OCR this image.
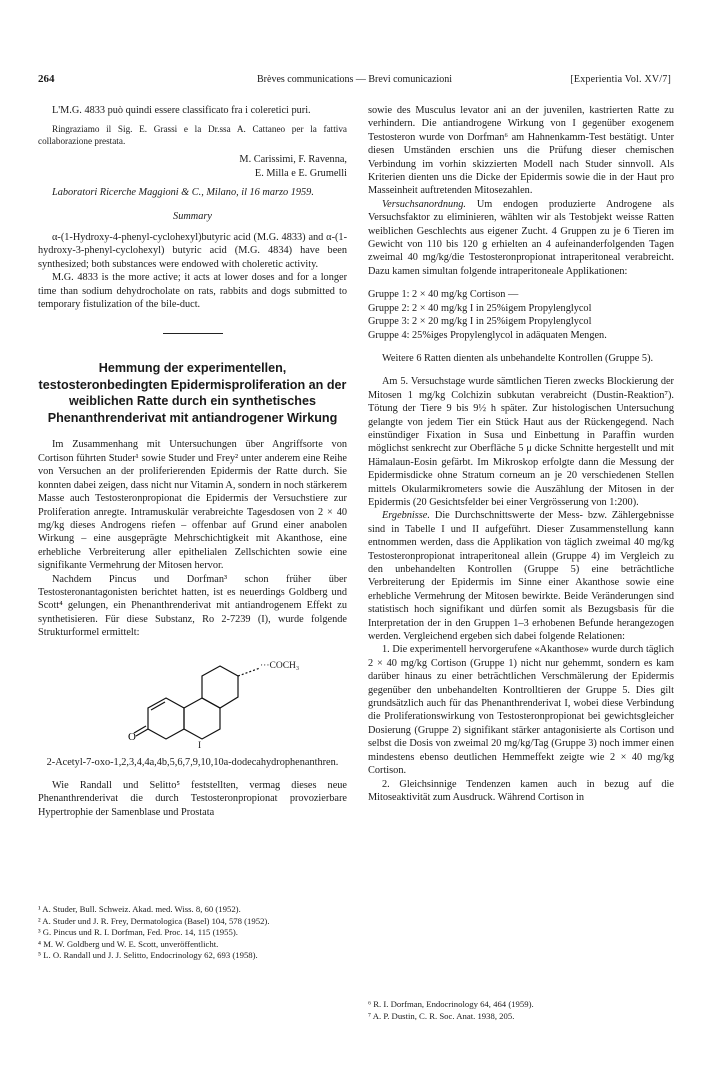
264	Brèves communications — Brevi comunicazioni	[Experientia Vol. XV/7]

L'M.G. 4833 può quindi essere classificato fra i coleretici puri.

Ringraziamo il Sig. E. Grassi e la Dr.ssa A. Cattaneo per la fattiva collaborazione prestata.

M. Carissimi, F. Ravenna,

E. Milla e E. Grumelli

Laboratori Ricerche Maggioni & C., Milano, il 16 marzo 1959.

Summary

α-(1-Hydroxy-4-phenyl-cyclohexyl)butyric acid (M.G. 4833) and α-(1-hydroxy-3-phenyl-cyclohexyl) butyric acid (M.G. 4834) have been synthesized; both substances were endowed with choleretic activity.

M.G. 4833 is the more active; it acts at lower doses and for a longer time than sodium dehydrocholate on rats, rabbits and dogs submitted to temporary fistulization of the bile-duct.

Hemmung der experimentellen, testosteronbedingten Epidermisproliferation an der weiblichen Ratte durch ein synthetisches Phenanthrenderivat mit antiandrogener Wirkung

Im Zusammenhang mit Untersuchungen über Angriffsorte von Cortison führten Studer¹ sowie Studer und Frey² unter anderem eine Reihe von Versuchen an der proliferierenden Epidermis der Ratte durch. Sie konnten dabei zeigen, dass nicht nur Vitamin A, sondern in noch stärkerem Masse auch Testosteronpropionat die Epidermis der Versuchstiere zur Proliferation anregte. Intramuskulär verabreichte Tagesdosen von 2 × 40 mg/kg dieses Androgens riefen – offenbar auf Grund einer anabolen Wirkung – eine ausgeprägte Mehrschichtigkeit mit Akanthose, eine erhebliche Verbreiterung aller epithelialen Zellschichten sowie eine signifikante Vermehrung der Mitosen hervor.

Nachdem Pincus und Dorfman³ schon früher über Testosteronantagonisten berichtet hatten, ist es neuerdings Goldberg und Scott⁴ gelungen, ein Phenanthrenderivat mit antiandrogenem Effekt zu synthetisieren. Für diese Substanz, Ro 2-7239 (I), wurde folgende Strukturformel ermittelt:

O
···COCH₃
I

2-Acetyl-7-oxo-1,2,3,4,4a,4b,5,6,7,9,10,10a-dodecahydrophenanthren.

Wie Randall und Selitto⁵ feststellten, vermag dieses neue Phenanthrenderivat die durch Testosteronpropionat provozierbare Hypertrophie der Samenblase und Prostata

¹ A. Studer, Bull. Schweiz. Akad. med. Wiss. 8, 60 (1952).

² A. Studer und J. R. Frey, Dermatologica (Basel) 104, 578 (1952).

³ G. Pincus und R. I. Dorfman, Fed. Proc. 14, 115 (1955).

⁴ M. W. Goldberg und W. E. Scott, unveröffentlicht.

⁵ L. O. Randall und J. J. Selitto, Endocrinology 62, 693 (1958).

sowie des Musculus levator ani an der juvenilen, kastrierten Ratte zu verhindern. Die antiandrogene Wirkung von I gegenüber exogenem Testosteron wurde von Dorfman⁶ am Hahnenkamm-Test bestätigt. Unter diesen Umständen erschien uns die Prüfung dieser chemischen Verbindung im vorhin skizzierten Modell nach Studer sinnvoll. Als Kriterien dienten uns die Dicke der Epidermis sowie die in der Haut pro Masseinheit auftretenden Mitosezahlen.

Versuchsanordnung. Um endogen produzierte Androgene als Versuchsfaktor zu eliminieren, wählten wir als Testobjekt weisse Ratten weiblichen Geschlechts aus eigener Zucht. 4 Gruppen zu je 6 Tieren im Gewicht von 110 bis 120 g erhielten an 4 aufeinanderfolgenden Tagen zweimal 40 mg/kg/die Testosteronpropionat intraperitoneal verabreicht. Dazu kamen simultan folgende intraperitoneale Applikationen:

Gruppe 1: 2 × 40 mg/kg Cortison —

Gruppe 2: 2 × 40 mg/kg I in 25%igem Propylenglycol

Gruppe 3: 2 × 20 mg/kg I in 25%igem Propylenglycol

Gruppe 4: 25%iges Propylenglycol in adäquaten Mengen.

Weitere 6 Ratten dienten als unbehandelte Kontrollen (Gruppe 5).

Am 5. Versuchstage wurde sämtlichen Tieren zwecks Blockierung der Mitosen 1 mg/kg Colchizin subkutan verabreicht (Dustin-Reaktion⁷). Tötung der Tiere 9 bis 9½ h später. Zur histologischen Untersuchung gelangte von jedem Tier ein Stück Haut aus der Rückengegend. Nach einstündiger Fixation in Susa und Einbettung in Paraffin wurden möglichst senkrecht zur Oberfläche 5 μ dicke Schnitte hergestellt und mit Hämalaun-Eosin gefärbt. Im Mikroskop erfolgte dann die Messung der Epidermisdicke ohne Stratum corneum an je 20 verschiedenen Stellen mittels Okularmikrometers sowie die Auszählung der Mitosen in der Epidermis (20 Gesichtsfelder bei einer Vergrösserung von 1:200).

Ergebnisse. Die Durchschnittswerte der Mess- bzw. Zählergebnisse sind in Tabelle I und II aufgeführt. Dieser Zusammenstellung kann entnommen werden, dass die Applikation von täglich zweimal 40 mg/kg Testosteronpropionat intraperitoneal allein (Gruppe 4) im Vergleich zu den unbehandelten Kontrollen (Gruppe 5) eine beträchtliche Verbreiterung der Epidermis im Sinne einer Akanthose sowie eine erhebliche Vermehrung der Mitosen bewirkte. Beide Veränderungen sind statistisch hoch signifikant und dürfen somit als Bezugsbasis für die Interpretation der in den Gruppen 1–3 erhobenen Befunde herangezogen werden. Vergleichend ergeben sich dabei folgende Relationen:

1. Die experimentell hervorgerufene «Akanthose» wurde durch täglich 2 × 40 mg/kg Cortison (Gruppe 1) nicht nur gehemmt, sondern es kam darüber hinaus zu einer beträchtlichen Verschmälerung der Epidermis gegenüber den unbehandelten Kontrolltieren der Gruppe 5. Dies gilt grundsätzlich auch für das Phenanthrenderivat I, wobei diese Verbindung die Proliferationswirkung von Testosteronpropionat bei gewichtsgleicher Dosierung (Gruppe 2) signifikant stärker antagonisierte als Cortison und selbst die Dosis von zweimal 20 mg/kg/Tag (Gruppe 3) noch immer einen mindestens ebenso deutlichen Hemmeffekt zeigte wie 2 × 40 mg/kg Cortison.

2. Gleichsinnige Tendenzen kamen auch in bezug auf die Mitoseaktivität zum Ausdruck. Während Cortison in

⁶ R. I. Dorfman, Endocrinology 64, 464 (1959).

⁷ A. P. Dustin, C. R. Soc. Anat. 1938, 205.
